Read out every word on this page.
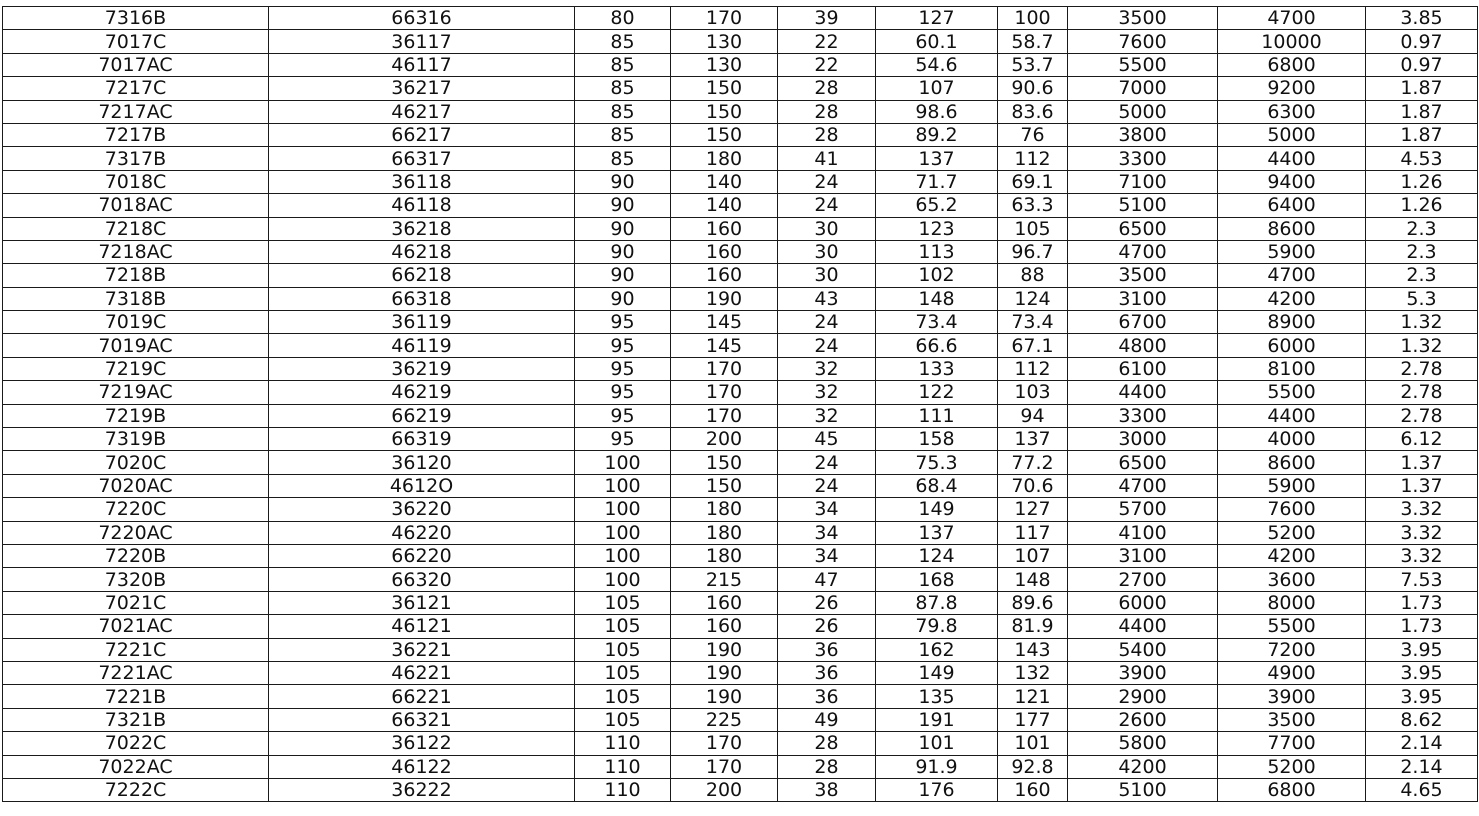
7316B	66316	80	170	39	127	100	3500	4700	3.85
7017C	36117	85	130	22	60.1	58.7	7600	10000	0.97
7017AC	46117	85	130	22	54.6	53.7	5500	6800	0.97
7217C	36217	85	150	28	107	90.6	7000	9200	1.87
7217AC	46217	85	150	28	98.6	83.6	5000	6300	1.87
7217B	66217	85	150	28	89.2	76	3800	5000	1.87
7317B	66317	85	180	41	137	112	3300	4400	4.53
7018C	36118	90	140	24	71.7	69.1	7100	9400	1.26
7018AC	46118	90	140	24	65.2	63.3	5100	6400	1.26
7218C	36218	90	160	30	123	105	6500	8600	2.3
7218AC	46218	90	160	30	113	96.7	4700	5900	2.3
7218B	66218	90	160	30	102	88	3500	4700	2.3
7318B	66318	90	190	43	148	124	3100	4200	5.3
7019C	36119	95	145	24	73.4	73.4	6700	8900	1.32
7019AC	46119	95	145	24	66.6	67.1	4800	6000	1.32
7219C	36219	95	170	32	133	112	6100	8100	2.78
7219AC	46219	95	170	32	122	103	4400	5500	2.78
7219B	66219	95	170	32	111	94	3300	4400	2.78
7319B	66319	95	200	45	158	137	3000	4000	6.12
7020C	36120	100	150	24	75.3	77.2	6500	8600	1.37
7020AC	4612O	100	150	24	68.4	70.6	4700	5900	1.37
7220C	36220	100	180	34	149	127	5700	7600	3.32
7220AC	46220	100	180	34	137	117	4100	5200	3.32
7220B	66220	100	180	34	124	107	3100	4200	3.32
7320B	66320	100	215	47	168	148	2700	3600	7.53
7021C	36121	105	160	26	87.8	89.6	6000	8000	1.73
7021AC	46121	105	160	26	79.8	81.9	4400	5500	1.73
7221C	36221	105	190	36	162	143	5400	7200	3.95
7221AC	46221	105	190	36	149	132	3900	4900	3.95
7221B	66221	105	190	36	135	121	2900	3900	3.95
7321B	66321	105	225	49	191	177	2600	3500	8.62
7022C	36122	110	170	28	101	101	5800	7700	2.14
7022AC	46122	110	170	28	91.9	92.8	4200	5200	2.14
7222C	36222	110	200	38	176	160	5100	6800	4.65
